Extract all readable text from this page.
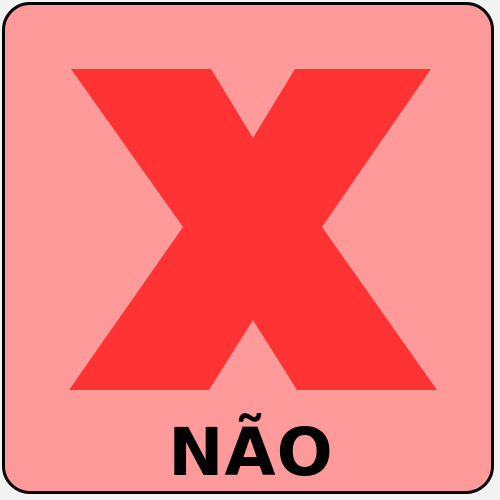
NÃO
